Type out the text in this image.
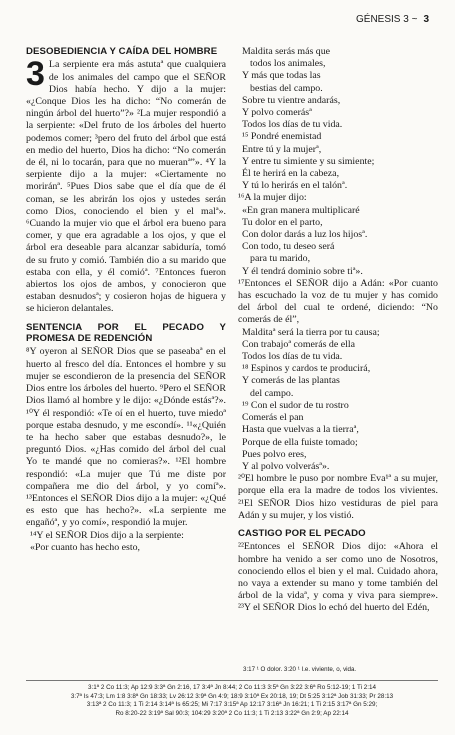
GÉNESIS 3 ~ 3
DESOBEDIENCIA Y CAÍDA DEL HOMBRE

3 La serpiente era más astutaª que cualquiera de los animales del campo que el SEÑOR Dios había hecho. Y dijo a la mujer: «¿Conque Dios les ha dicho: “No comerán de ningún árbol del huerto”?» ²La mujer respondió a la serpiente: «Del fruto de los árboles del huerto podemos comer; ³pero del fruto del árbol que está en medio del huerto, Dios ha dicho: “No comerán de él, ni lo tocarán, para que no mueranª”». ⁴Y la serpiente dijo a la mujer: «Ciertamente no moriránª. ⁵Pues Dios sabe que el día que de él coman, se les abrirán los ojos y ustedes serán como Dios, conociendo el bien y el malª». ⁶Cuando la mujer vio que el árbol era bueno para comer, y que era agradable a los ojos, y que el árbol era deseable para alcanzar sabiduría, tomó de su fruto y comió. También dio a su marido que estaba con ella, y él comióª. ⁷Entonces fueron abiertos los ojos de ambos, y conocieron que estaban desnudosª; y cosieron hojas de higuera y se hicieron delantales.

SENTENCIA POR EL PECADO Y PROMESA DE REDENCIÓN

⁸Y oyeron al SEÑOR Dios que se paseabaª en el huerto al fresco del día. Entonces el hombre y su mujer se escondieron de la presencia del SEÑOR Dios entre los árboles del huerto. ⁹Pero el SEÑOR Dios llamó al hombre y le dijo: «¿Dónde estásª?». ¹⁰Y él respondió: «Te oí en el huerto, tuve miedoª porque estaba desnudo, y me escondí». ¹¹«¿Quién te ha hecho saber que estabas desnudo?», le preguntó Dios. «¿Has comido del árbol del cual Yo te mandé que no comieras?». ¹²El hombre respondió: «La mujer que Tú me diste por compañera me dio del árbol, y yo comíª». ¹³Entonces el SEÑOR Dios dijo a la mujer: «¿Qué es esto que has hecho?». «La serpiente me engañóª, y yo comí», respondió la mujer.

¹⁴Y el SEÑOR Dios dijo a la serpiente:

«Por cuanto has hecho esto,

Maldita serás más que

todos los animales,

Y más que todas las

bestias del campo.

Sobre tu vientre andarás,

Y polvo comerásª

Todos los días de tu vida.

¹⁵ Pondré enemistad

Entre tú y la mujerª,

Y entre tu simiente y su simiente;

Él te herirá en la cabeza,

Y tú lo herirás en el talónª.

¹⁶A la mujer dijo:

«En gran manera multiplicaré

Tu dolor en el parto,

Con dolor darás a luz los hijosª.

Con todo, tu deseo será

para tu marido,

Y él tendrá dominio sobre tiª».

¹⁷Entonces el SEÑOR dijo a Adán: «Por cuanto has escuchado la voz de tu mujer y has comido del árbol del cual te ordené, diciendo: “No comerás de él”,

Malditaª será la tierra por tu causa;

Con trabajoª comerás de ella

Todos los días de tu vida.

¹⁸ Espinos y cardos te producirá,

Y comerás de las plantas

del campo.

¹⁹ Con el sudor de tu rostro

Comerás el pan

Hasta que vuelvas a la tierraª,

Porque de ella fuiste tomado;

Pues polvo eres,

Y al polvo volverásª».

²⁰El hombre le puso por nombre Eva¹ª a su mujer, porque ella era la madre de todos los vivientes. ²¹El SEÑOR Dios hizo vestiduras de piel para Adán y su mujer, y los vistió.

CASTIGO POR EL PECADO

²²Entonces el SEÑOR Dios dijo: «Ahora el hombre ha venido a ser como uno de Nosotros, conociendo ellos el bien y el mal. Cuidado ahora, no vaya a extender su mano y tome también del árbol de la vidaª, y coma y viva para siempre». ²³Y el SEÑOR Dios lo echó del huerto del Edén,

3:17 ¹ O dolor. 3:20 ¹ I.e. viviente, o, vida.
3:1ª 2 Co 11:3; Ap 12:9 3:3ª Gn 2:16, 17 3:4ª Jn 8:44; 2 Co 11:3 3:5ª Gn 3:22 3:6ª Ro 5:12-19; 1 Ti 2:14
3:7ª Is 47:3; Lm 1:8 3:8ª Gn 18:33; Lv 26:12 3:9ª Gn 4:9; 18:9 3:10ª Ex 20:18, 19; Dt 5:25 3:12ª Job 31:33; Pr 28:13
3:13ª 2 Co 11:3; 1 Ti 2:14 3:14ª Is 65:25; Mi 7:17 3:15ª Ap 12:17 3:16ª Jn 16:21; 1 Ti 2:15 3:17ª Gn 5:29;
Ro 8:20-22 3:19ª Sal 90:3; 104:29 3:20ª 2 Co 11:3; 1 Ti 2:13 3:22ª Gn 2:9; Ap 22:14
